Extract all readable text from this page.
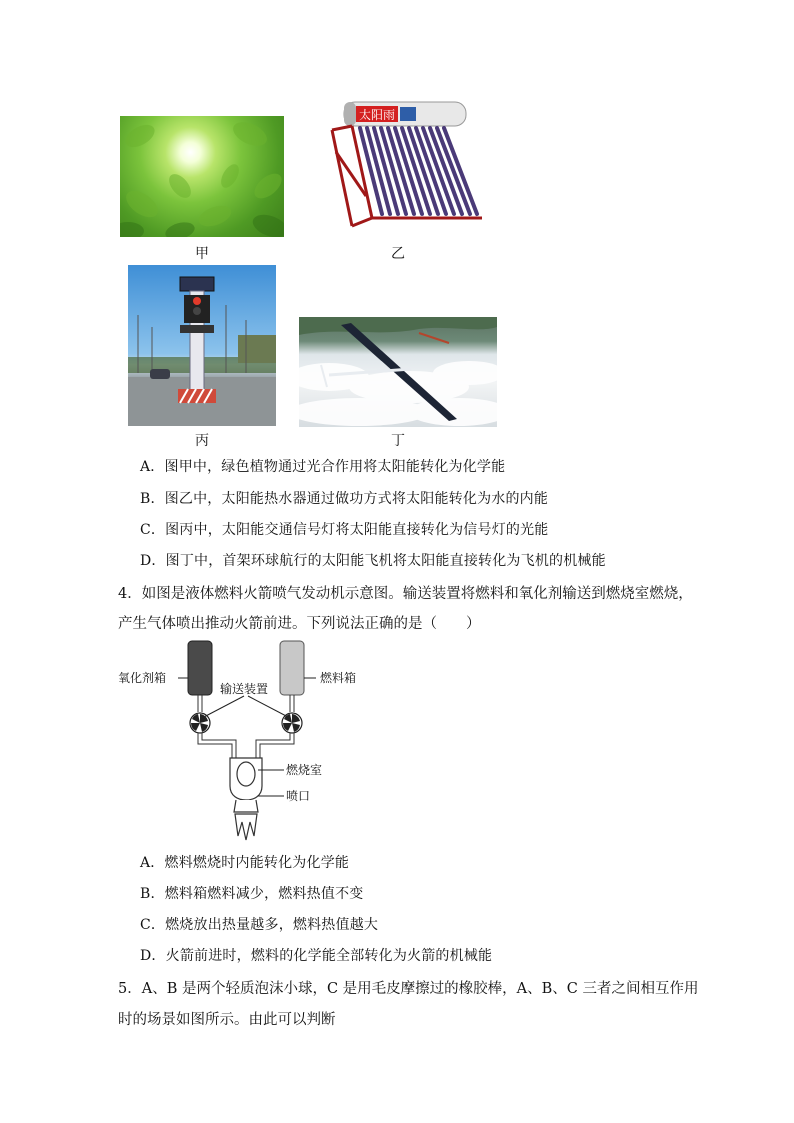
甲
太阳雨
乙
丙	丁
A．图甲中，绿色植物通过光合作用将太阳能转化为化学能
B．图乙中，太阳能热水器通过做功方式将太阳能转化为水的内能
C．图丙中，太阳能交通信号灯将太阳能直接转化为信号灯的光能
D．图丁中，首架环球航行的太阳能飞机将太阳能直接转化为飞机的机械能
4．如图是液体燃料火箭喷气发动机示意图。输送装置将燃料和氧化剂输送到燃烧室燃烧，
产生气体喷出推动火箭前进。下列说法正确的是（　　）
氧化剂箱	燃料箱
输送装置
燃烧室
喷口
A．燃料燃烧时内能转化为化学能
B．燃料箱燃料减少，燃料热值不变
C．燃烧放出热量越多，燃料热值越大
D．火箭前进时，燃料的化学能全部转化为火箭的机械能
5．A、B 是两个轻质泡沫小球，C 是用毛皮摩擦过的橡胶棒，A、B、C 三者之间相互作用
时的场景如图所示。由此可以判断
